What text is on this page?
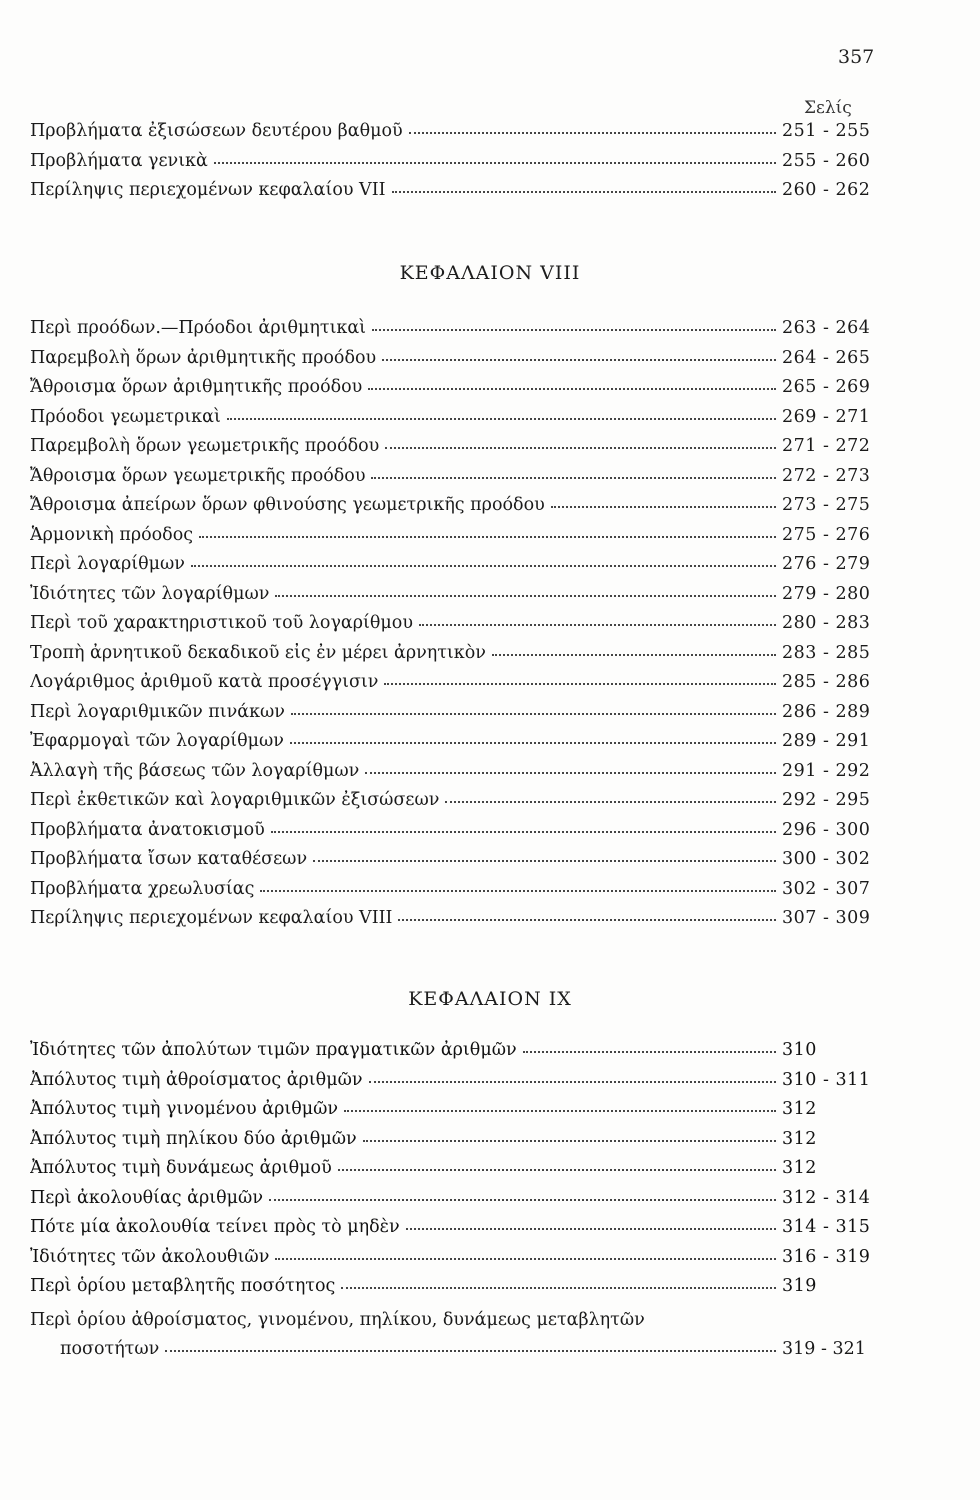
357
Σελίς
Προβλήματα ἐξισώσεων δευτέρου βαθμοῦ	251 - 255
Προβλήματα γενικὰ	255 - 260
Περίληψις περιεχομένων κεφαλαίου VII	260 - 262
ΚΕΦΑΛΑΙΟΝ VIII
Περὶ προόδων.—Πρόοδοι ἀριθμητικαὶ	263 - 264
Παρεμβολὴ ὅρων ἀριθμητικῆς προόδου	264 - 265
Ἄθροισμα ὅρων ἀριθμητικῆς προόδου	265 - 269
Πρόοδοι γεωμετρικαὶ	269 - 271
Παρεμβολὴ ὅρων γεωμετρικῆς προόδου	271 - 272
Ἄθροισμα ὅρων γεωμετρικῆς προόδου	272 - 273
Ἄθροισμα ἀπείρων ὅρων φθινούσης γεωμετρικῆς προόδου	273 - 275
Ἁρμονικὴ πρόοδος	275 - 276
Περὶ λογαρίθμων	276 - 279
Ἰδιότητες τῶν λογαρίθμων	279 - 280
Περὶ τοῦ χαρακτηριστικοῦ τοῦ λογαρίθμου	280 - 283
Τροπὴ ἀρνητικοῦ δεκαδικοῦ εἰς ἐν μέρει ἀρνητικὸν	283 - 285
Λογάριθμος ἀριθμοῦ κατὰ προσέγγισιν	285 - 286
Περὶ λογαριθμικῶν πινάκων	286 - 289
Ἐφαρμογαὶ τῶν λογαρίθμων	289 - 291
Ἀλλαγὴ τῆς βάσεως τῶν λογαρίθμων	291 - 292
Περὶ ἐκθετικῶν καὶ λογαριθμικῶν ἐξισώσεων	292 - 295
Προβλήματα ἀνατοκισμοῦ	296 - 300
Προβλήματα ἴσων καταθέσεων	300 - 302
Προβλήματα χρεωλυσίας	302 - 307
Περίληψις περιεχομένων κεφαλαίου VIII	307 - 309
ΚΕΦΑΛΑΙΟΝ IX
Ἰδιότητες τῶν ἀπολύτων τιμῶν πραγματικῶν ἀριθμῶν	310
Ἀπόλυτος τιμὴ ἀθροίσματος ἀριθμῶν	310 - 311
Ἀπόλυτος τιμὴ γινομένου ἀριθμῶν	312
Ἀπόλυτος τιμὴ πηλίκου δύο ἀριθμῶν	312
Ἀπόλυτος τιμὴ δυνάμεως ἀριθμοῦ	312
Περὶ ἀκολουθίας ἀριθμῶν	312 - 314
Πότε μία ἀκολουθία τείνει πρὸς τὸ μηδὲν	314 - 315
Ἰδιότητες τῶν ἀκολουθιῶν	316 - 319
Περὶ ὁρίου μεταβλητῆς ποσότητος	319
Περὶ ὁρίου ἀθροίσματος, γινομένου, πηλίκου, δυνάμεως μεταβλητῶν
ποσοτήτων	319 - 321
